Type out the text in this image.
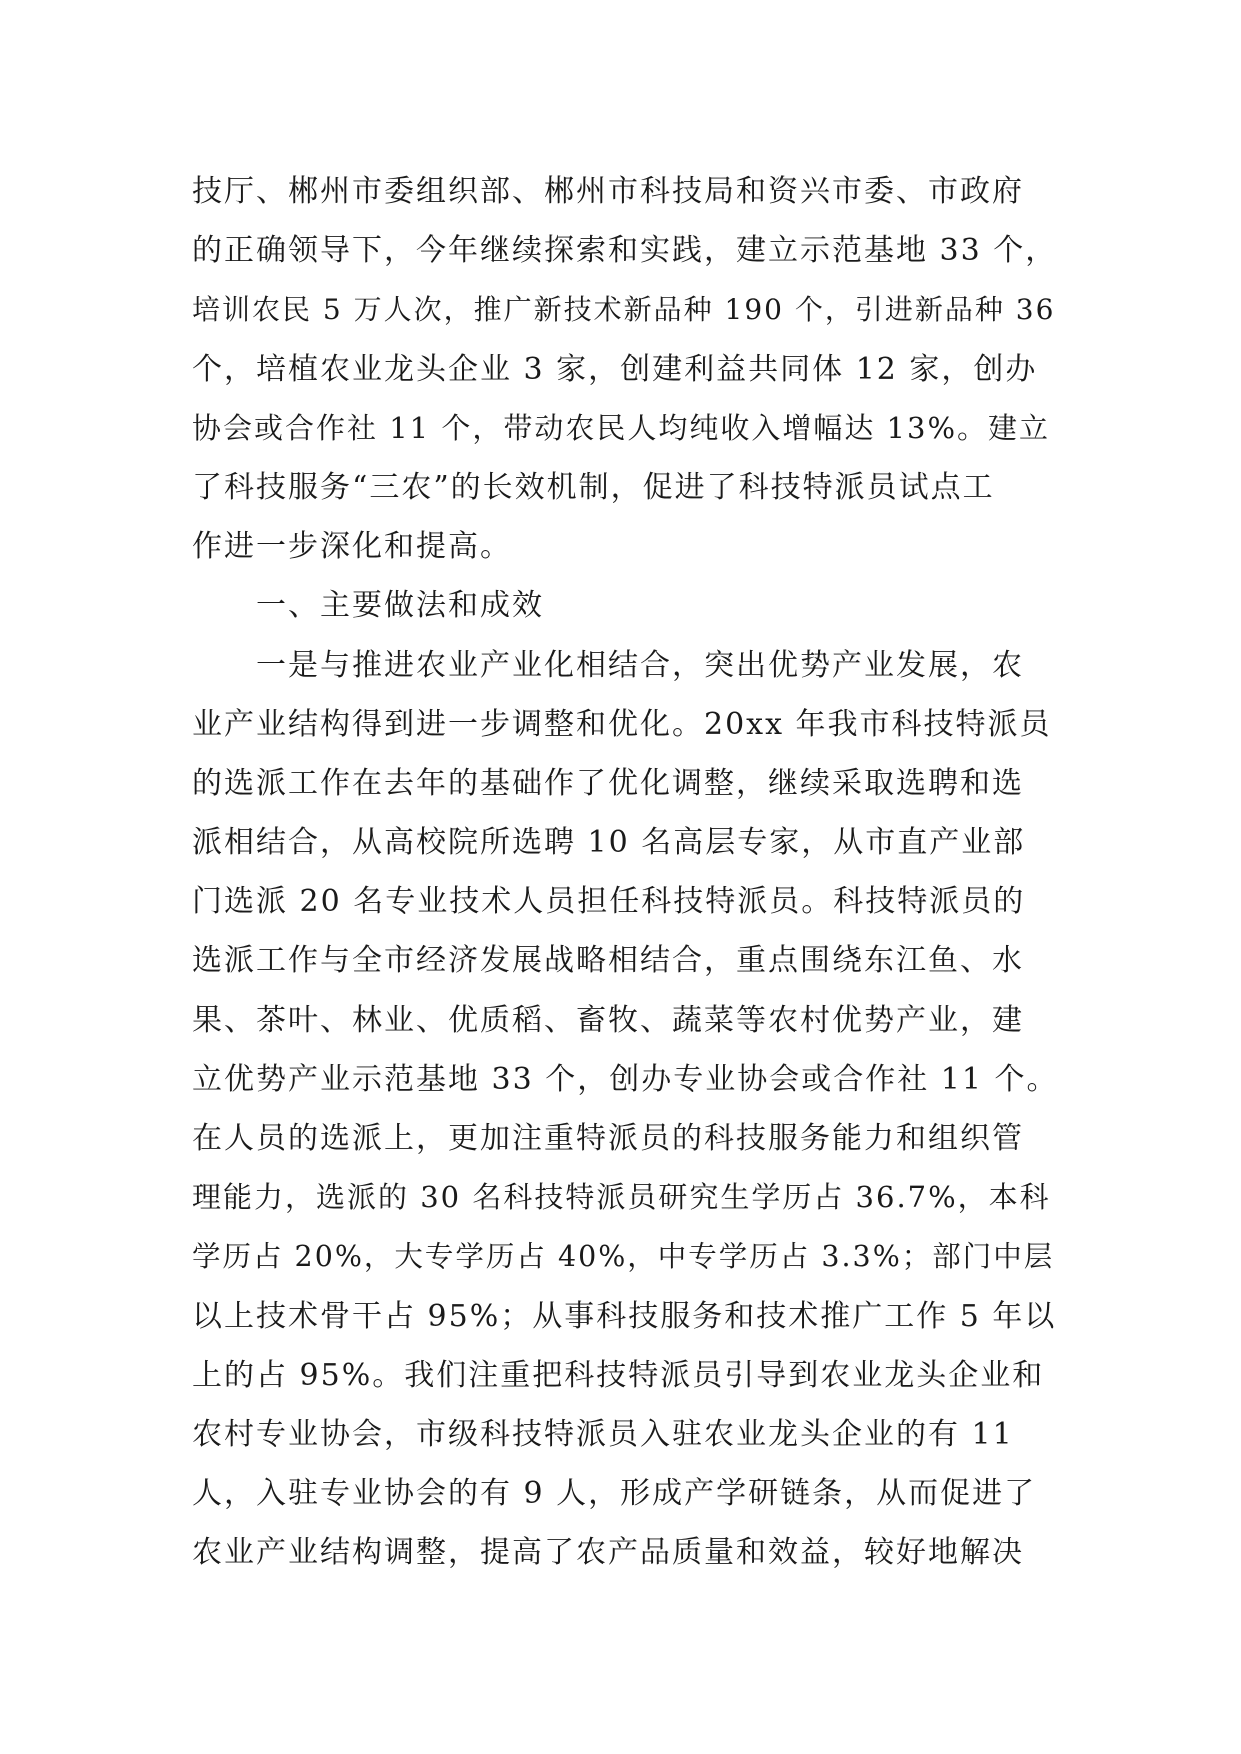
技厅、郴州市委组织部、郴州市科技局和资兴市委、市政府
的正确领导下，今年继续探索和实践，建立示范基地 33 个，
培训农民 5 万人次，推广新技术新品种 190 个，引进新品种 36
个，培植农业龙头企业 3 家，创建利益共同体 12 家，创办
协会或合作社 11 个，带动农民人均纯收入增幅达 13%。建立
了科技服务“三农”的长效机制，促进了科技特派员试点工
作进一步深化和提高。
一、主要做法和成效
一是与推进农业产业化相结合，突出优势产业发展，农
业产业结构得到进一步调整和优化。20xx 年我市科技特派员
的选派工作在去年的基础作了优化调整，继续采取选聘和选
派相结合，从高校院所选聘 10 名高层专家，从市直产业部
门选派 20 名专业技术人员担任科技特派员。科技特派员的
选派工作与全市经济发展战略相结合，重点围绕东江鱼、水
果、茶叶、林业、优质稻、畜牧、蔬菜等农村优势产业，建
立优势产业示范基地 33 个，创办专业协会或合作社 11 个。
在人员的选派上，更加注重特派员的科技服务能力和组织管
理能力，选派的 30 名科技特派员研究生学历占 36.7%，本科
学历占 20%，大专学历占 40%，中专学历占 3.3%；部门中层
以上技术骨干占 95%；从事科技服务和技术推广工作 5 年以
上的占 95%。我们注重把科技特派员引导到农业龙头企业和
农村专业协会，市级科技特派员入驻农业龙头企业的有 11
人，入驻专业协会的有 9 人，形成产学研链条，从而促进了
农业产业结构调整，提高了农产品质量和效益，较好地解决
